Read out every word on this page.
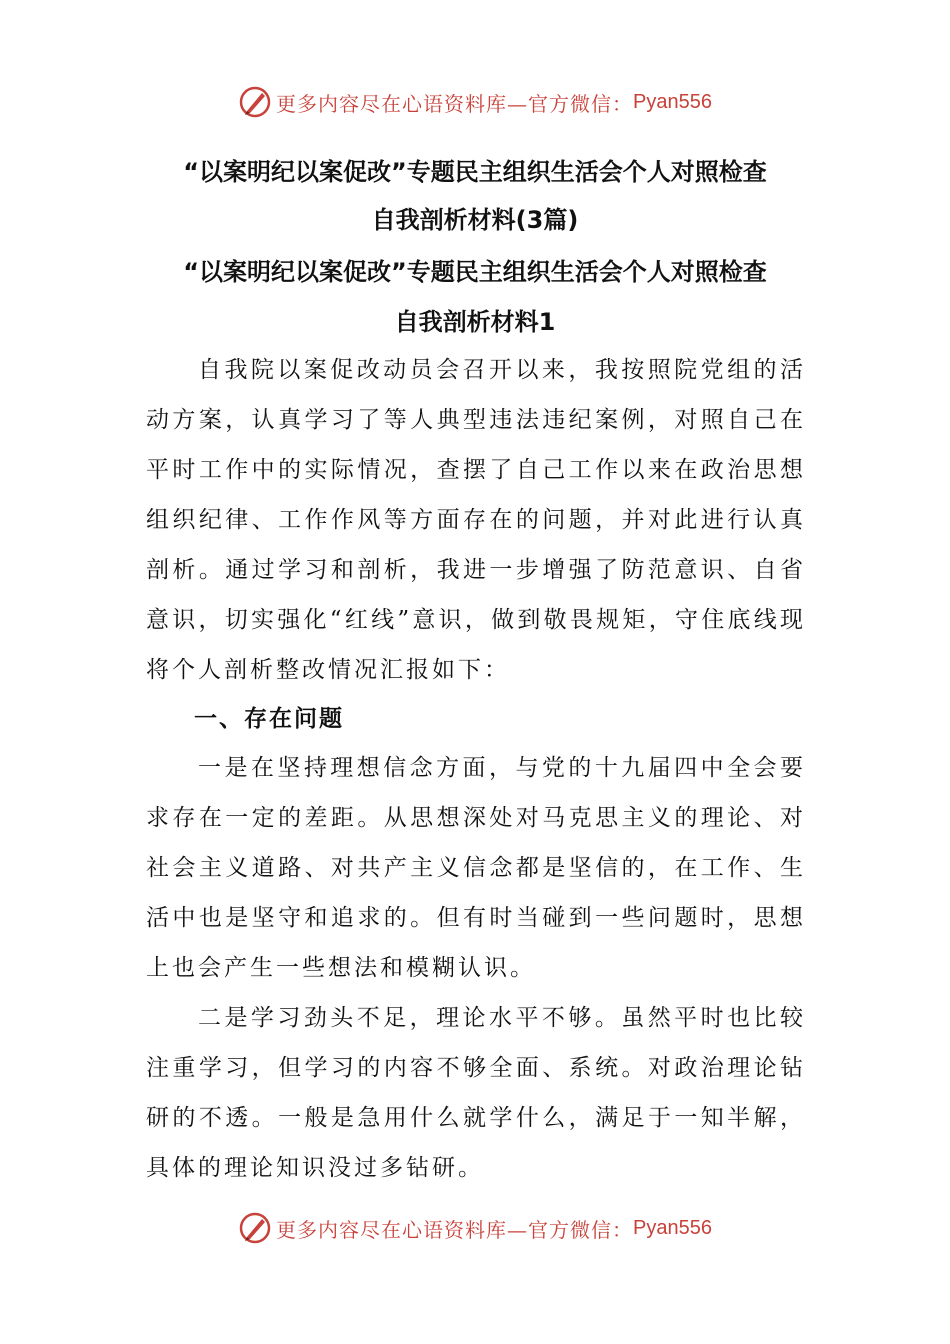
更多内容尽在心语资料库—官方微信： Pyan556
“以案明纪以案促改”专题民主组织生活会个人对照检查
自我剖析材料(3篇)
“以案明纪以案促改”专题民主组织生活会个人对照检查
自我剖析材料1

自我院以案促改动员会召开以来，我按照院党组的活动方案，认真学习了等人典型违法违纪案例，对照自己在平时工作中的实际情况，查摆了自己工作以来在政治思想组织纪律、工作作风等方面存在的问题，并对此进行认真剖析。通过学习和剖析，我进一步增强了防范意识、自省意识，切实强化“红线”意识，做到敬畏规矩，守住底线现将个人剖析整改情况汇报如下：

一、存在问题

一是在坚持理想信念方面，与党的十九届四中全会要求存在一定的差距。从思想深处对马克思主义的理论、对社会主义道路、对共产主义信念都是坚信的，在工作、生活中也是坚守和追求的。但有时当碰到一些问题时，思想上也会产生一些想法和模糊认识。

二是学习劲头不足，理论水平不够。虽然平时也比较注重学习，但学习的内容不够全面、系统。对政治理论钻研的不透。一般是急用什么就学什么，满足于一知半解，具体的理论知识没过多钻研。

更多内容尽在心语资料库—官方微信： Pyan556
